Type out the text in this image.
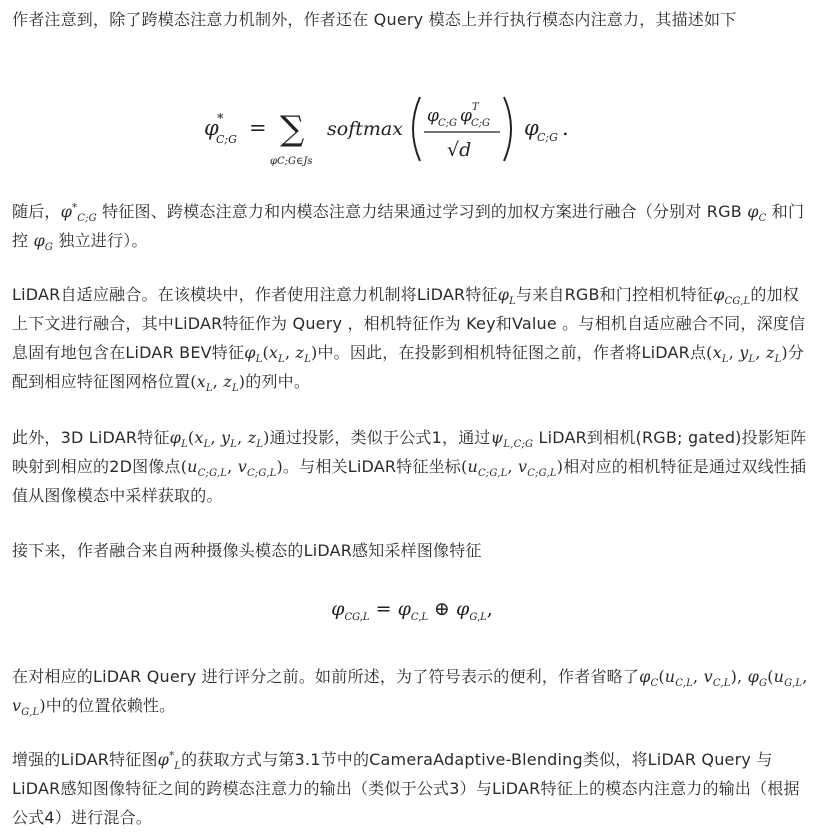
作者注意到，除了跨模态注意力机制外，作者还在 Query 模态上并行执行模态内注意力，其描述如下

φ
*
C;G = ∑
φC;G∈Js
softmax
φ C;G φ T
C;G
√d
φ
C;G .

随后，$\varphi^*_{C;G}$ 特征图、跨模态注意力和内模态注意力结果通过学习到的加权方案进行融合（分别对 RGB $\varphi_C$ 和门控 $\varphi_G$ 独立进行）。

LiDAR自适应融合。在该模块中，作者使用注意力机制将LiDAR特征$\varphi_L$与来自RGB和门控相机特征$\varphi_{CG,L}$的加权上下文进行融合，其中LiDAR特征作为 Query ，相机特征作为 Key和Value 。与相机自适应融合不同，深度信息固有地包含在LiDAR BEV特征$\varphi_L(x_L$, $z_L$)中。因此，在投影到相机特征图之前，作者将LiDAR点($x_L$, $y_L$, $z_L$)分配到相应特征图网格位置($x_L$, $z_L$)的列中。

此外，3D LiDAR特征$\varphi_L(x_L$, $y_L$, $z_L$)通过投影，类似于公式1，通过$\psi_{L,C;G}$ LiDAR到相机(RGB; gated)投影矩阵映射到相应的2D图像点($u_{C;G,L}$, $v_{C;G,L}$)。与相关LiDAR特征坐标($u_{C;G,L}$, $v_{C;G,L}$)相对应的相机特征是通过双线性插值从图像模态中采样获取的。

接下来，作者融合来自两种摄像头模态的LiDAR感知采样图像特征

$\varphi_{CG,L} = \varphi_{C,L}$ ⊕ $\varphi_{G,L}$,

在对相应的LiDAR Query 进行评分之前。如前所述，为了符号表示的便利，作者省略了$\varphi_C(u_{C,L}$, $v_{C,L}$), $\varphi_G(u_{G,L}$, $v_{G,L}$)中的位置依赖性。

增强的LiDAR特征图$\varphi^*_L$的获取方式与第3.1节中的CameraAdaptive-Blending类似，将LiDAR Query 与LiDAR感知图像特征之间的跨模态注意力的输出（类似于公式3）与LiDAR特征上的模态内注意力的输出（根据公式4）进行混合。
